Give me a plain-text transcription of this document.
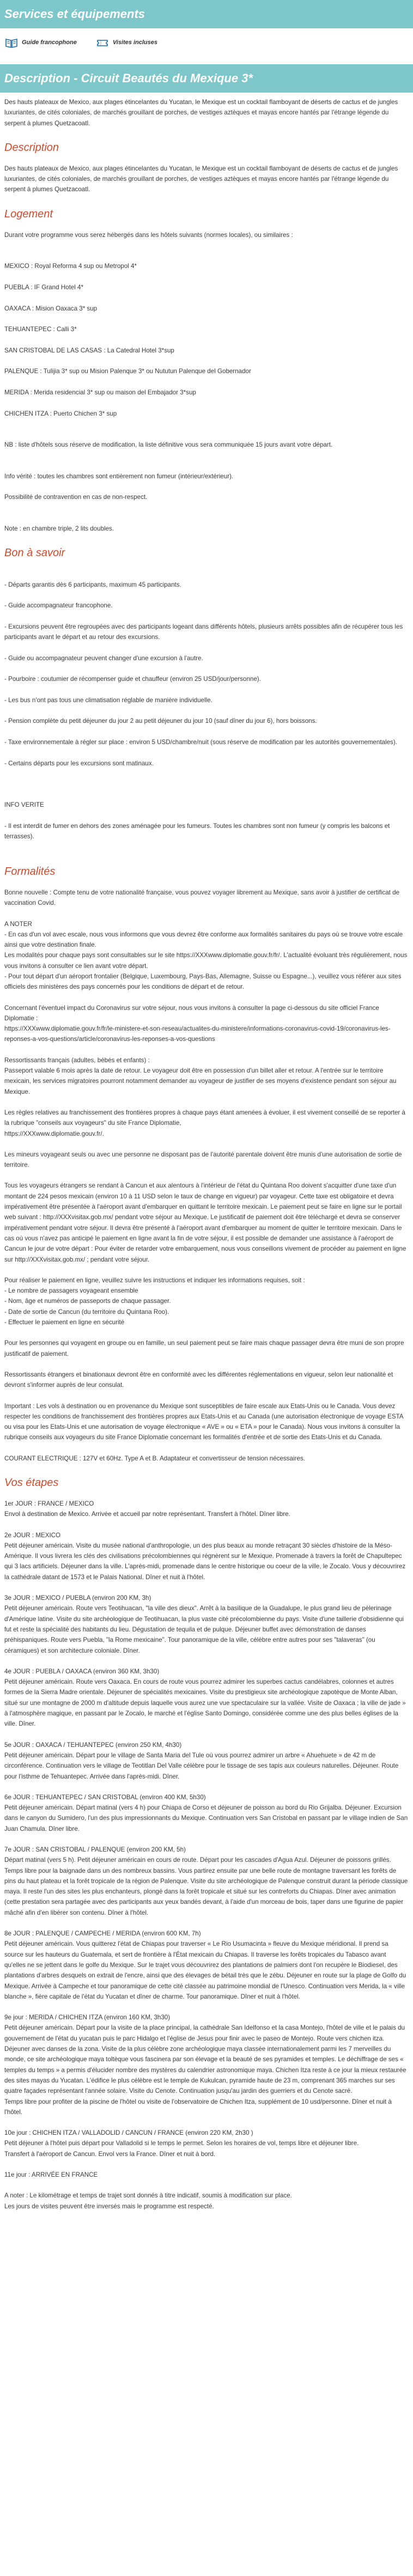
Services et équipements
Guide francophone	Visites incluses
Description - Circuit Beautés du Mexique 3*

Des hauts plateaux de Mexico, aux plages étincelantes du Yucatan, le Mexique est un cocktail flamboyant de déserts de cactus et de jungles luxuriantes, de cités coloniales, de marchés grouillant de porches, de vestiges aztèques et mayas encore hantés par l'étrange légende du serpent à plumes Quetzacoatl.

Description

Des hauts plateaux de Mexico, aux plages étincelantes du Yucatan, le Mexique est un cocktail flamboyant de déserts de cactus et de jungles luxuriantes, de cités coloniales, de marchés grouillant de porches, de vestiges aztèques et mayas encore hantés par l'étrange légende du serpent à plumes Quetzacoatl.

Logement

Durant votre programme vous serez hébergés dans les hôtels suivants (normes locales), ou similaires :

MEXICO : Royal Reforma 4 sup ou Metropol 4*

PUEBLA : IF Grand Hotel 4*

OAXACA : Mision Oaxaca 3* sup

TEHUANTEPEC : Calli 3*

SAN CRISTOBAL DE LAS CASAS : La Catedral Hotel 3*sup

PALENQUE : Tulijia 3* sup ou Mision Palenque 3* ou Nututun Palenque del Gobernador

MERIDA : Merida residencial 3* sup ou maison del Embajador 3*sup

CHICHEN ITZA : Puerto Chichen 3* sup

NB : liste d'hôtels sous réserve de modification, la liste définitive vous sera communiquée 15 jours avant votre départ.

Info vérité : toutes les chambres sont entièrement non fumeur (intérieur/extérieur).

Possibilité de contravention en cas de non-respect.

Note : en chambre triple, 2 lits doubles.

Bon à savoir

- Départs garantis dès 6 participants, maximum 45 participants.

- Guide accompagnateur francophone.

- Excursions peuvent être regroupées avec des participants logeant dans différents hôtels, plusieurs arrêts possibles afin de récupérer tous les participants avant le départ et au retour des excursions.

- Guide ou accompagnateur peuvent changer d'une excursion à l'autre.

- Pourboire : coutumier de récompenser guide et chauffeur (environ 25 USD/jour/personne).

- Les bus n'ont pas tous une climatisation réglable de manière individuelle.

- Pension complète du petit déjeuner du jour 2 au petit déjeuner du jour 10 (sauf dîner du jour 6), hors boissons.

- Taxe environnementale à régler sur place : environ 5 USD/chambre/nuit (sous réserve de modification par les autorités gouvernementales).

- Certains départs pour les excursions sont matinaux.

INFO VERITE

- Il est interdit de fumer en dehors des zones aménagée pour les fumeurs. Toutes les chambres sont non fumeur (y compris les balcons et terrasses).

Formalités

Bonne nouvelle : Compte tenu de votre nationalité française, vous pouvez voyager librement au Mexique, sans avoir à justifier de certificat de vaccination Covid.

A NOTER
- En cas d'un vol avec escale, nous vous informons que vous devrez être conforme aux formalités sanitaires du pays où se trouve votre escale ainsi que votre destination finale.
Les modalités pour chaque pays sont consultables sur le site https://XXXwww.diplomatie.gouv.fr/fr/. L'actualité évoluant très régulièrement, nous vous invitons à consulter ce lien avant votre départ.
- Pour tout départ d'un aéroport frontalier (Belgique, Luxembourg, Pays-Bas, Allemagne, Suisse ou Espagne...), veuillez vous référer aux sites officiels des ministères des pays concernés pour les conditions de départ et de retour.

Concernant l'éventuel impact du Coronavirus sur votre séjour, nous vous invitons à consulter la page ci-dessous du site officiel France Diplomatie :
https://XXXwww.diplomatie.gouv.fr/fr/le-ministere-et-son-reseau/actualites-du-ministere/informations-coronavirus-covid-19/coronavirus-les-reponses-a-vos-questions/article/coronavirus-les-reponses-a-vos-questions

Ressortissants français (adultes, bébés et enfants) :
Passeport valable 6 mois après la date de retour. Le voyageur doit être en possession d'un billet aller et retour. A l'entrée sur le territoire mexicain, les services migratoires pourront notamment demander au voyageur de justifier de ses moyens d'existence pendant son séjour au Mexique.

Les règles relatives au franchissement des frontières propres à chaque pays étant amenées à évoluer, il est vivement conseillé de se reporter à la rubrique "conseils aux voyageurs" du site France Diplomatie,
https://XXXwww.diplomatie.gouv.fr/.

Les mineurs voyageant seuls ou avec une personne ne disposant pas de l'autorité parentale doivent être munis d'une autorisation de sortie de territoire.

Tous les voyageurs étrangers se rendant à Cancun et aux alentours à l'intérieur de l'état du Quintana Roo doivent s'acquitter d'une taxe d'un montant de 224 pesos mexicain (environ 10 à 11 USD selon le taux de change en vigueur) par voyageur. Cette taxe est obligatoire et devra impérativement être présentée à l'aéroport avant d'embarquer en quittant le territoire mexicain. Le paiement peut se faire en ligne sur le portail web suivant : http://XXXvisitax.gob.mx/ pendant votre séjour au Mexique. Le justificatif de paiement doit être téléchargé et devra se conserver impérativement pendant votre séjour. Il devra être présenté à l'aéroport avant d'embarquer au moment de quitter le territoire mexicain. Dans le cas où vous n'avez pas anticipé le paiement en ligne avant la fin de votre séjour, il est possible de demander une assistance à l'aéroport de Cancun le jour de votre départ : Pour éviter de retarder votre embarquement, nous vous conseillons vivement de procéder au paiement en ligne sur http://XXXvisitax.gob.mx/ ; pendant votre séjour.

Pour réaliser le paiement en ligne, veuillez suivre les instructions et indiquer les informations requises, soit :
- Le nombre de passagers voyageant ensemble
- Nom, âge et numéros de passeports de chaque passager.
- Date de sortie de Cancun (du territoire du Quintana Roo).
- Effectuer le paiement en ligne en sécurité

Pour les personnes qui voyagent en groupe ou en famille, un seul paiement peut se faire mais chaque passager devra être muni de son propre justificatif de paiement.

Ressortissants étrangers et binationaux devront être en conformité avec les différentes réglementations en vigueur, selon leur nationalité et devront s'informer auprès de leur consulat.

Important : Les vols à destination ou en provenance du Mexique sont susceptibles de faire escale aux Etats-Unis ou le Canada. Vous devez respecter les conditions de franchissement des frontières propres aux Etats-Unis et au Canada (une autorisation électronique de voyage ESTA ou visa pour les Etats-Unis et une autorisation de voyage électronique « AVE » ou « ETA » pour le Canada). Nous vous invitons à consulter la rubrique conseils aux voyageurs du site France Diplomatie concernant les formalités d'entrée et de sortie des Etats-Unis et du Canada.

COURANT ELECTRIQUE : 127V et 60Hz. Type A et B. Adaptateur et convertisseur de tension nécessaires.

Vos étapes

1er JOUR : FRANCE / MEXICO
Envol à destination de Mexico. Arrivée et accueil par notre représentant. Transfert à l'hôtel. Dîner libre.

2e JOUR : MEXICO
Petit déjeuner américain. Visite du musée national d'anthropologie, un des plus beaux au monde retraçant 30 siècles d'histoire de la Méso-Amérique. Il vous livrera les clés des civilisations précolombiennes qui régnèrent sur le Mexique. Promenade à travers la forêt de Chapultepec qui 3 lacs artificiels. Déjeuner dans la ville. L'après-midi, promenade dans le centre historique ou coeur de la ville, le Zocalo. Vous y découvrirez la cathédrale datant de 1573 et le Palais National. Dîner et nuit à l'hôtel.

3e JOUR : MEXICO / PUEBLA (environ 200 KM, 3h)
Petit déjeuner américain. Route vers Teotihuacan, "la ville des dieux". Arrêt à la basilique de la Guadalupe, le plus grand lieu de pèlerinage d'Amérique latine. Visite du site archéologique de Teotihuacan, la plus vaste cité précolombienne du pays. Visite d'une taillerie d'obsidienne qui fut et reste la spécialité des habitants du lieu. Dégustation de tequila et de pulque. Déjeuner buffet avec démonstration de danses préhispaniques. Route vers Puebla, "la Rome mexicaine". Tour panoramique de la ville, célèbre entre autres pour ses "talaveras" (ou céramiques) et son architecture coloniale. Dîner.

4e JOUR : PUEBLA / OAXACA (environ 360 KM, 3h30)
Petit déjeuner américain. Route vers Oaxaca. En cours de route vous pourrez admirer les superbes cactus candélabres, colonnes et autres formes de la Sierra Madre orientale. Déjeuner de spécialités mexicaines. Visite du prestigieux site archéologique zapotèque de Monte Alban, situé sur une montagne de 2000 m d'altitude depuis laquelle vous aurez une vue spectaculaire sur la vallée. Visite de Oaxaca ; la ville de jade » à l'atmosphère magique, en passant par le Zocalo, le marché et l'église Santo Domingo, considérée comme une des plus belles églises de la ville. Dîner.

5e JOUR : OAXACA / TEHUANTEPEC (environ 250 KM, 4h30)
Petit déjeuner américain. Départ pour le village de Santa Maria del Tule où vous pourrez admirer un arbre « Ahuehuete » de 42 m de circonférence. Continuation vers le village de Teotitlan Del Valle célèbre pour le tissage de ses tapis aux couleurs naturelles. Déjeuner. Route pour l'isthme de Tehuantepec. Arrivée dans l'après-midi. Dîner.

6e JOUR : TEHUANTEPEC / SAN CRISTOBAL (environ 400 KM, 5h30)
Petit déjeuner américain. Départ matinal (vers 4 h) pour Chiapa de Corso et déjeuner de poisson au bord du Rio Grijalba. Déjeuner. Excursion dans le canyon du Sumidero, l'un des plus impressionnants du Mexique. Continuation vers San Cristobal en passant par le village indien de San Juan Chamula. Dîner libre.

7e JOUR : SAN CRISTOBAL / PALENQUE (environ 200 KM, 5h)
Départ matinal (vers 5 h). Petit déjeuner américain en cours de route. Départ pour les cascades d'Agua Azul. Déjeuner de poissons grillés. Temps libre pour la baignade dans un des nombreux bassins. Vous partirez ensuite par une belle route de montagne traversant les forêts de pins du haut plateau et la forêt tropicale de la région de Palenque. Visite du site archéologique de Palenque construit durant la période classique maya. Il reste l'un des sites les plus enchanteurs, plongé dans la forêt tropicale et situé sur les contreforts du Chiapas. Dîner avec animation (cette prestation sera partagée avec des participants aux yeux bandés devant, à l'aide d'un morceau de bois, taper dans une figurine de papier mâché afin d'en libérer son contenu. Dîner à l'hôtel.

8e JOUR : PALENQUE / CAMPECHE / MERIDA (environ 600 KM, 7h)
Petit déjeuner américain. Vous quitterez l'état de Chiapas pour traverser « Le Rio Usumacinta » fleuve du Mexique méridional. Il prend sa source sur les hauteurs du Guatemala, et sert de frontière à l'État mexicain du Chiapas. Il traverse les forêts tropicales du Tabasco avant qu'elles ne se jettent dans le golfe du Mexique. Sur le trajet vous découvrirez des plantations de palmiers dont l'on recupère le Biodiesel, des plantations d'arbres desquels on extrait de l'encre, ainsi que des élevages de bétail très que le zébu. Déjeuner en route sur la plage de Golfo du Mexique. Arrivée à Campeche et tour panoramique de cette cité classée au patrimoine mondial de l'Unesco. Continuation vers Merida, la « ville blanche », fière capitale de l'état du Yucatan et dîner de charme. Tour panoramique. Dîner et nuit à l'hôtel.

9e jour : MERIDA / CHICHEN ITZA (environ 160 KM, 3h30)
Petit déjeuner américain. Départ pour la visite de la place principal, la cathédrale San Idelfonso et la casa Montejo, l'hôtel de ville et le palais du gouvernement de l'état du yucatan puis le parc Hidalgo et l'église de Jesus pour finir avec le paseo de Montejo. Route vers chichen itza. Déjeuner avec danses de la zona. Visite de la plus célèbre zone archéologique maya classée internationalement parmi les 7 merveilles du monde, ce site archéologique maya toltèque vous fascinera par son élevage et la beauté de ses pyramides et temples. Le déchiffrage de ses « temples du temps » a permis d'élucider nombre des mystères du calendrier astronomique maya. Chichen Itza reste à ce jour la mieux restaurée des sites mayas du Yucatan. L'édifice le plus célèbre est le temple de Kukulcan, pyramide haute de 23 m, comprenant 365 marches sur ses quatre façades représentant l'année solaire. Visite du Cenote. Continuation jusqu'au jardin des guerriers et du Cenote sacré.
Temps libre pour profiter de la piscine de l'hôtel ou visite de l'observatoire de Chichen Itza, supplément de 10 usd/personne. Dîner et nuit à l'hôtel.

10e jour : CHICHEN ITZA / VALLADOLID / CANCUN / FRANCE (environ 220 KM, 2h30 )
Petit déjeuner à l'hôtel puis départ pour Valladolid si le temps le permet. Selon les horaires de vol, temps libre et déjeuner libre.
Transfert à l'aéroport de Cancun. Envol vers la France. Dîner et nuit à bord.

11e jour : ARRIVÉE EN FRANCE

A noter : Le kilométrage et temps de trajet sont donnés à titre indicatif, soumis à modification sur place.
Les jours de visites peuvent être inversés mais le programme est respecté.
